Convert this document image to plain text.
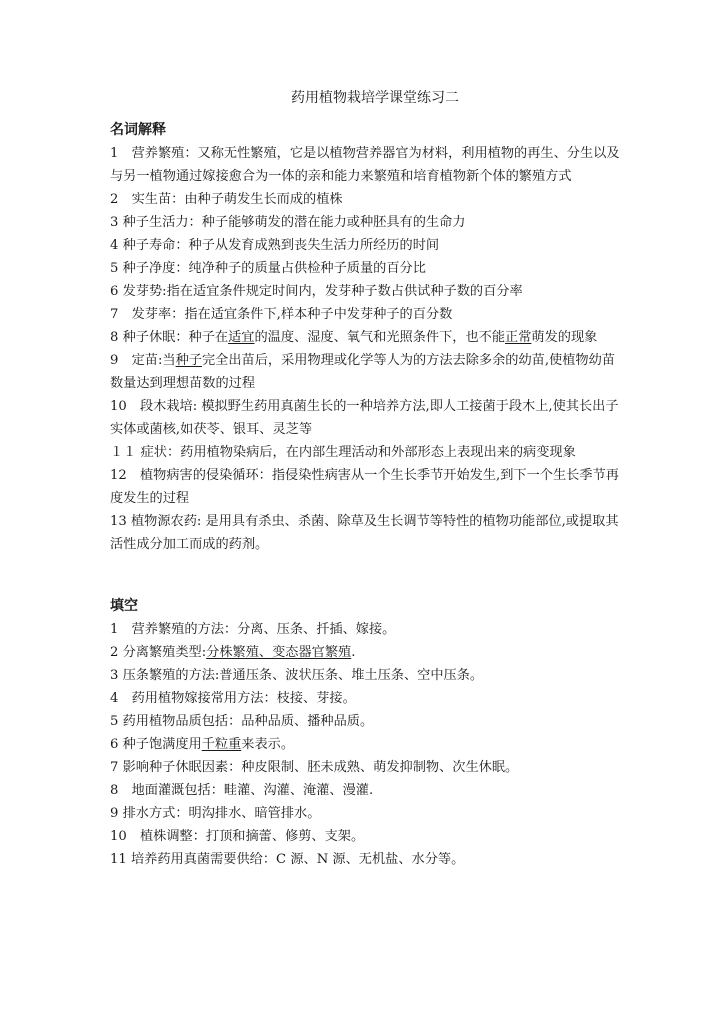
药用植物栽培学课堂练习二
名词解释

1　营养繁殖：又称无性繁殖，它是以植物营养器官为材料，利用植物的再生、分生以及与另一植物通过嫁接愈合为一体的亲和能力来繁殖和培育植物新个体的繁殖方式

2　实生苗：由种子萌发生长而成的植株

3 种子生活力：种子能够萌发的潜在能力或种胚具有的生命力

4 种子寿命：种子从发育成熟到丧失生活力所经历的时间

5 种子净度：纯净种子的质量占供检种子质量的百分比

6 发芽势:指在适宜条件规定时间内，发芽种子数占供试种子数的百分率

7　发芽率：指在适宜条件下,样本种子中发芽种子的百分数

8 种子休眠：种子在适宜的温度、湿度、氧气和光照条件下，也不能正常萌发的现象

9　定苗:当种子完全出苗后，采用物理或化学等人为的方法去除多余的幼苗,使植物幼苗数量达到理想苗数的过程

10　段木栽培: 模拟野生药用真菌生长的一种培养方法,即人工接菌于段木上,使其长出子实体或菌核,如茯苓、银耳、灵芝等

１１ 症状：药用植物染病后，在内部生理活动和外部形态上表现出来的病变现象

12　植物病害的侵染循环：指侵染性病害从一个生长季节开始发生,到下一个生长季节再度发生的过程

13 植物源农药: 是用具有杀虫、杀菌、除草及生长调节等特性的植物功能部位,或提取其活性成分加工而成的药剂。

填空

1　营养繁殖的方法：分离、压条、扦插、嫁接。

2 分离繁殖类型:分株繁殖、变态器官繁殖.

3 压条繁殖的方法:普通压条、波状压条、堆土压条、空中压条。

4　药用植物嫁接常用方法：枝接、芽接。

5 药用植物品质包括：品种品质、播种品质。

6 种子饱满度用千粒重来表示。

7 影响种子休眠因素：种皮限制、胚未成熟、萌发抑制物、次生休眠。

8　地面灌溉包括：畦灌、沟灌、淹灌、漫灌.

9 排水方式：明沟排水、暗管排水。

10　植株调整：打顶和摘蕾、修剪、支架。

11 培养药用真菌需要供给：C 源、N 源、无机盐、水分等。
